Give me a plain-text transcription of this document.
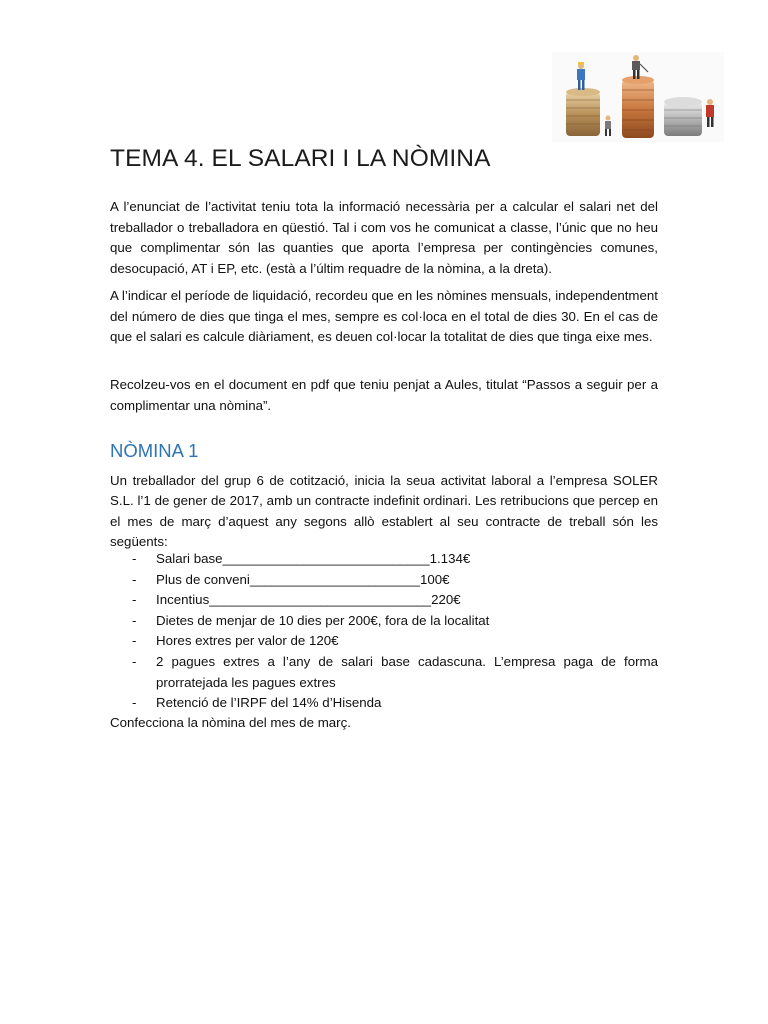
TEMA 4. EL SALARI I LA NÒMINA

A l’enunciat de l’activitat teniu tota la informació necessària per a calcular el salari net del treballador o treballadora en qüestió. Tal i com vos he comunicat a classe, l’únic que no heu que complimentar són las quanties que aporta l’empresa per contingències comunes, desocupació, AT i EP, etc. (està a l’últim requadre de la nòmina, a la dreta).

A l’indicar el període de liquidació, recordeu que en les nòmines mensuals, independentment del número de dies que tinga el mes, sempre es col·loca en el total de dies 30. En el cas de que el salari es calcule diàriament, es deuen col·locar la totalitat de dies que tinga eixe mes.

Recolzeu-vos en el document en pdf que teniu penjat a Aules, titulat “Passos a seguir per a complimentar una nòmina”.

NÒMINA 1

Un treballador del grup 6 de cotització, inicia la seua activitat laboral a l’empresa SOLER S.L. l’1 de gener de 2017, amb un contracte indefinit ordinari. Les retribucions que percep en el mes de març d’aquest any segons allò establert al seu contracte de treball són les següents:

- Salari base____________________________1.134€
- Plus de conveni_______________________100€
- Incentius______________________________220€
- Dietes de menjar de 10 dies per 200€, fora de la localitat
- Hores extres per valor de 120€
- 2 pagues extres a l’any de salari base cadascuna. L’empresa paga de forma prorratejada les pagues extres
- Retenció de l’IRPF del 14% d’Hisenda
Confecciona la nòmina del mes de març.
